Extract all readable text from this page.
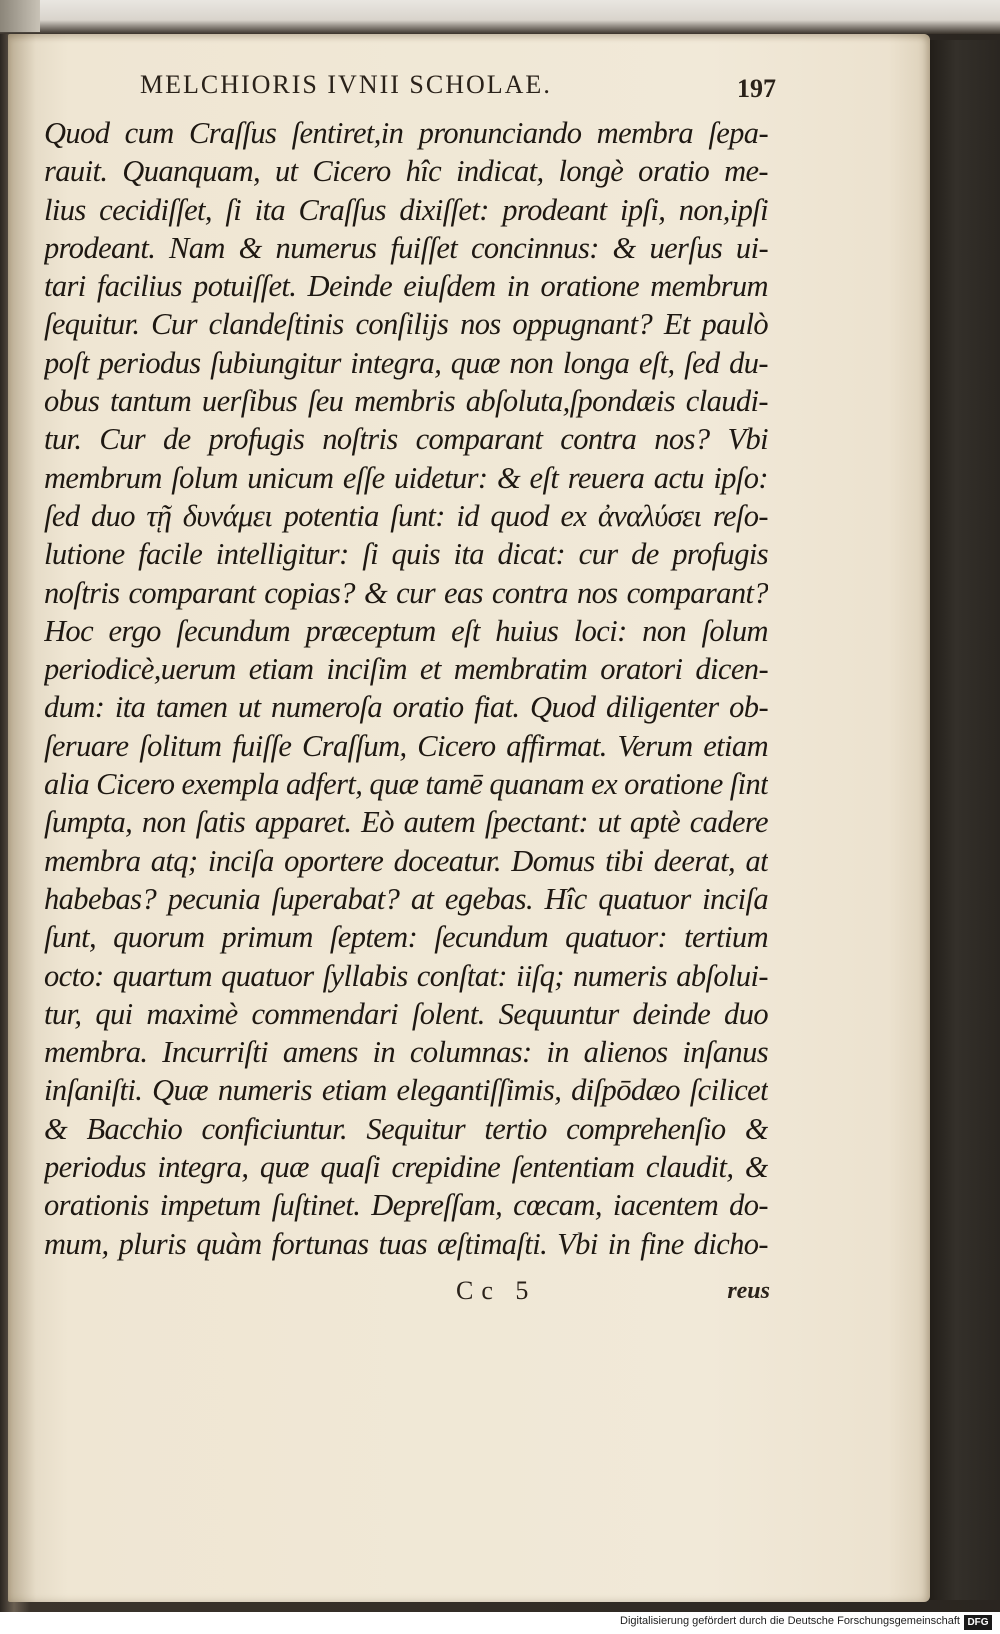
MELCHIORIS IVNII SCHOLAE.	197
Quod cum Craſſus ſentiret,in pronunciando membra ſepa-
rauit. Quanquam, ut Cicero hîc indicat, longè oratio me-
lius cecidiſſet, ſi ita Craſſus dixiſſet: prodeant ipſi, non,ipſi
prodeant. Nam & numerus fuiſſet concinnus: & uerſus ui-
tari facilius potuiſſet. Deinde eiuſdem in oratione membrum
ſequitur. Cur clandeſtinis conſilijs nos oppugnant? Et paulò
poſt periodus ſubiungitur integra, quæ non longa eſt, ſed du-
obus tantum uerſibus ſeu membris abſoluta,ſpondæis claudi-
tur. Cur de profugis noſtris comparant contra nos? Vbi
membrum ſolum unicum eſſe uidetur: & eſt reuera actu ipſo:
ſed duo τῇ δυνάμει potentia ſunt: id quod ex ἀναλύσει reſo-
lutione facile intelligitur: ſi quis ita dicat: cur de profugis
noſtris comparant copias? & cur eas contra nos comparant?
Hoc ergo ſecundum præceptum eſt huius loci: non ſolum
periodicè,uerum etiam inciſim et membratim oratori dicen-
dum: ita tamen ut numeroſa oratio fiat. Quod diligenter ob-
ſeruare ſolitum fuiſſe Craſſum, Cicero affirmat. Verum etiam
alia Cicero exempla adfert, quæ tamē quanam ex oratione ſint
ſumpta, non ſatis apparet. Eò autem ſpectant: ut aptè cadere
membra atq; inciſa oportere doceatur. Domus tibi deerat, at
habebas? pecunia ſuperabat? at egebas. Hîc quatuor inciſa
ſunt, quorum primum ſeptem: ſecundum quatuor: tertium
octo: quartum quatuor ſyllabis conſtat: iiſq; numeris abſolui-
tur, qui maximè commendari ſolent. Sequuntur deinde duo
membra. Incurriſti amens in columnas: in alienos inſanus
inſaniſti. Quæ numeris etiam elegantiſſimis, diſpōdæo ſcilicet
& Bacchio conficiuntur. Sequitur tertio comprehenſio &
periodus integra, quæ quaſi crepidine ſententiam claudit, &
orationis impetum ſuſtinet. Depreſſam, cœcam, iacentem do-
mum, pluris quàm fortunas tuas æſtimaſti. Vbi in fine dicho-
Cc 5	reus
Digitalisierung gefördert durch die Deutsche Forschungsgemeinschaft DFG
